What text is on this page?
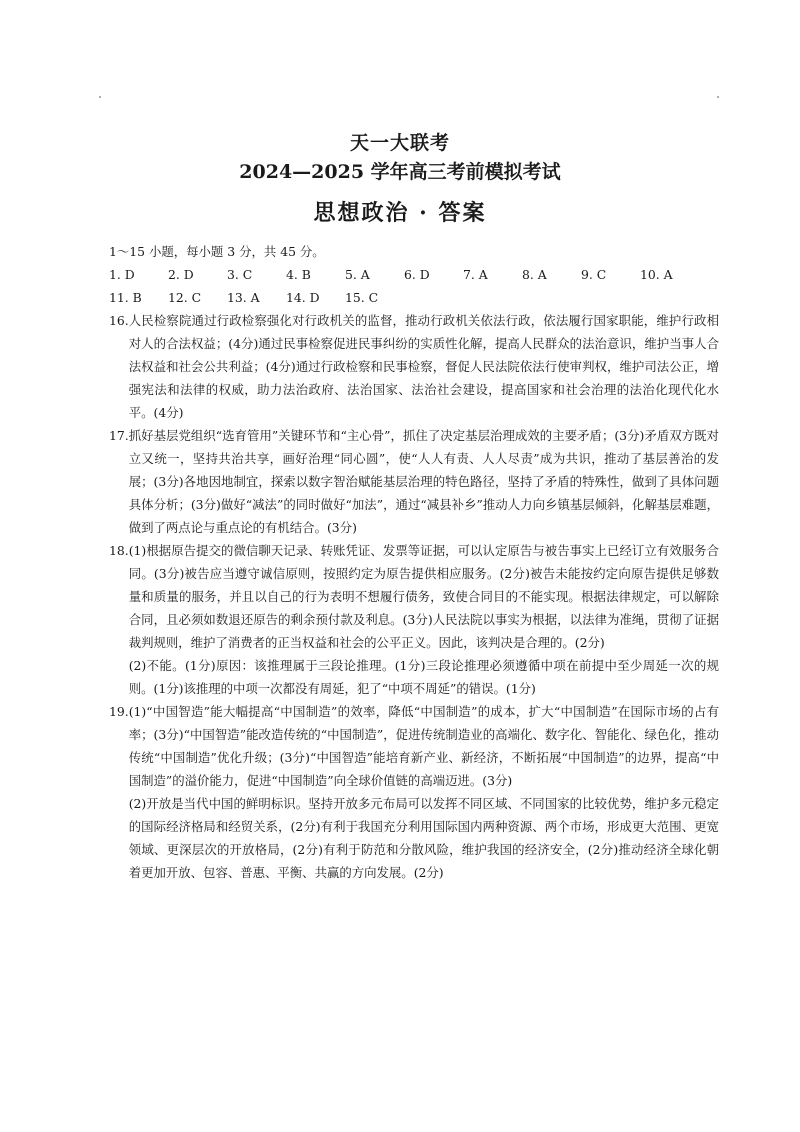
天一大联考
2024—2025 学年高三考前模拟考试
思想政治 · 答案
1～15 小题，每小题 3 分，共 45 分。
1. D	2. D	3. C	4. B	5. A	6. D	7. A	8. A	9. C	10. A
11. B	12. C	13. A	14. D	15. C
16. 人民检察院通过行政检察强化对行政机关的监督，推动行政机关依法行政，依法履行国家职能，维护行政相对人的合法权益；(4分)通过民事检察促进民事纠纷的实质性化解，提高人民群众的法治意识，维护当事人合法权益和社会公共利益；(4分)通过行政检察和民事检察，督促人民法院依法行使审判权，维护司法公正，增强宪法和法律的权威，助力法治政府、法治国家、法治社会建设，提高国家和社会治理的法治化现代化水平。(4分)
17. 抓好基层党组织“选育管用”关键环节和“主心骨”，抓住了决定基层治理成效的主要矛盾；(3分)矛盾双方既对立又统一，坚持共治共享，画好治理“同心圆”，使“人人有责、人人尽责”成为共识，推动了基层善治的发展；(3分)各地因地制宜，探索以数字智治赋能基层治理的特色路径，坚持了矛盾的特殊性，做到了具体问题具体分析；(3分)做好“减法”的同时做好“加法”，通过“减县补乡”推动人力向乡镇基层倾斜，化解基层难题，做到了两点论与重点论的有机结合。(3分)
18. (1)根据原告提交的微信聊天记录、转账凭证、发票等证据，可以认定原告与被告事实上已经订立有效服务合同。(3分)被告应当遵守诚信原则，按照约定为原告提供相应服务。(2分)被告未能按约定向原告提供足够数量和质量的服务，并且以自己的行为表明不想履行债务，致使合同目的不能实现。根据法律规定，可以解除合同，且必须如数退还原告的剩余预付款及利息。(3分)人民法院以事实为根据，以法律为准绳，贯彻了证据裁判规则，维护了消费者的正当权益和社会的公平正义。因此，该判决是合理的。(2分)
(2)不能。(1分)原因：该推理属于三段论推理。(1分)三段论推理必须遵循中项在前提中至少周延一次的规则。(1分)该推理的中项一次都没有周延，犯了“中项不周延”的错误。(1分)
19. (1)“中国智造”能大幅提高“中国制造”的效率，降低“中国制造”的成本，扩大“中国制造”在国际市场的占有率；(3分)“中国智造”能改造传统的“中国制造”，促进传统制造业的高端化、数字化、智能化、绿色化，推动传统“中国制造”优化升级；(3分)“中国智造”能培育新产业、新经济，不断拓展“中国制造”的边界，提高“中国制造”的溢价能力，促进“中国制造”向全球价值链的高端迈进。(3分)
(2)开放是当代中国的鲜明标识。坚持开放多元布局可以发挥不同区域、不同国家的比较优势，维护多元稳定的国际经济格局和经贸关系，(2分)有利于我国充分利用国际国内两种资源、两个市场，形成更大范围、更宽领域、更深层次的开放格局，(2分)有利于防范和分散风险，维护我国的经济安全，(2分)推动经济全球化朝着更加开放、包容、普惠、平衡、共赢的方向发展。(2分)
